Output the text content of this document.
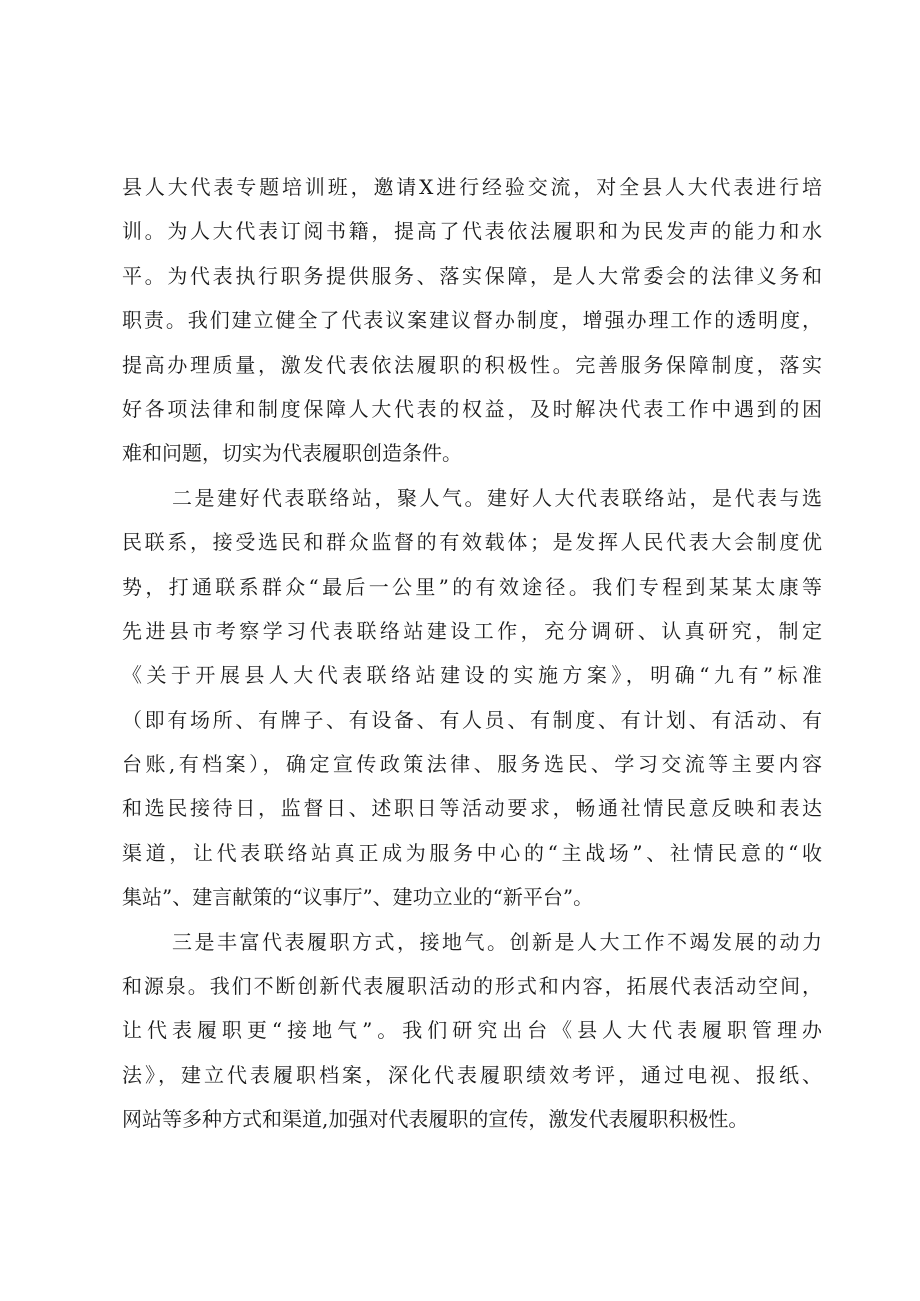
县人大代表专题培训班，邀请X进行经验交流，对全县人大代表进行培
训。为人大代表订阅书籍，提高了代表依法履职和为民发声的能力和水
平。为代表执行职务提供服务、落实保障，是人大常委会的法律义务和
职责。我们建立健全了代表议案建议督办制度，增强办理工作的透明度，
提高办理质量，激发代表依法履职的积极性。完善服务保障制度，落实
好各项法律和制度保障人大代表的权益，及时解决代表工作中遇到的困
难和问题，切实为代表履职创造条件。
二是建好代表联络站，聚人气。建好人大代表联络站，是代表与选
民联系，接受选民和群众监督的有效载体；是发挥人民代表大会制度优
势，打通联系群众“最后一公里”的有效途径。我们专程到某某太康等
先进县市考察学习代表联络站建设工作，充分调研、认真研究，制定
《关于开展县人大代表联络站建设的实施方案》，明确“九有”标准
（即有场所、有牌子、有设备、有人员、有制度、有计划、有活动、有
台账,有档案），确定宣传政策法律、服务选民、学习交流等主要内容
和选民接待日，监督日、述职日等活动要求，畅通社情民意反映和表达
渠道，让代表联络站真正成为服务中心的“主战场”、社情民意的“收
集站”、建言献策的“议事厅”、建功立业的“新平台”。
三是丰富代表履职方式，接地气。创新是人大工作不竭发展的动力
和源泉。我们不断创新代表履职活动的形式和内容，拓展代表活动空间，
让代表履职更“接地气”。我们研究出台《县人大代表履职管理办
法》，建立代表履职档案，深化代表履职绩效考评，通过电视、报纸、
网站等多种方式和渠道,加强对代表履职的宣传，激发代表履职积极性。
